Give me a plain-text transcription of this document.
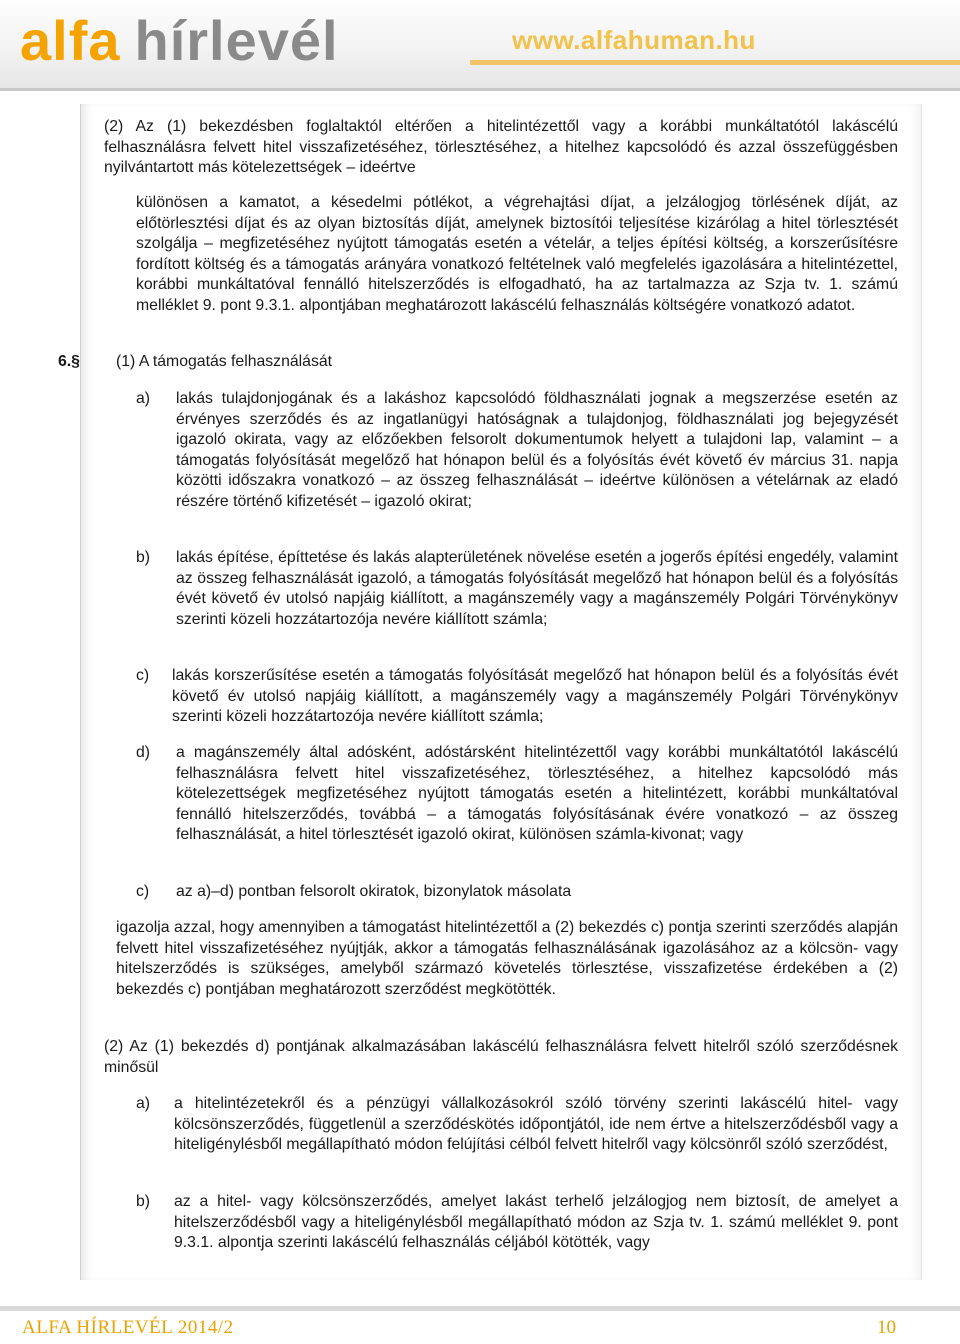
alfa hírlevél	www.alfahuman.hu

(2) Az (1) bekezdésben foglaltaktól eltérően a hitelintézettől vagy a korábbi munkáltatótól lakáscélú felhasználásra felvett hitel visszafizetéséhez, törlesztéséhez, a hitelhez kapcsolódó és azzal összefüggésben nyilvántartott más kötelezettségek – ideértve

különösen a kamatot, a késedelmi pótlékot, a végrehajtási díjat, a jelzálogjog törlésének díját, az előtörlesztési díjat és az olyan biztosítás díját, amelynek biztosítói teljesítése kizárólag a hitel törlesztését szolgálja – megfizetéséhez nyújtott támogatás esetén a vételár, a teljes építési költség, a korszerűsítésre fordított költség és a támogatás arányára vonatkozó feltételnek való megfelelés igazolására a hitelintézettel, korábbi munkáltatóval fennálló hitelszerződés is elfogadható, ha az tartalmazza az Szja tv. 1. számú melléklet 9. pont 9.3.1. alpontjában meghatározott lakáscélú felhasználás költségére vonatkozó adatot.

6.§ (1) A támogatás felhasználását

a) lakás tulajdonjogának és a lakáshoz kapcsolódó földhasználati jognak a megszerzése esetén az érvényes szerződés és az ingatlanügyi hatóságnak a tulajdonjog, földhasználati jog bejegyzését igazoló okirata, vagy az előzőekben felsorolt dokumentumok helyett a tulajdoni lap, valamint – a támogatás folyósítását megelőző hat hónapon belül és a folyósítás évét követő év március 31. napja közötti időszakra vonatkozó – az összeg felhasználását – ideértve különösen a vételárnak az eladó részére történő kifizetését – igazoló okirat;

b) lakás építése, építtetése és lakás alapterületének növelése esetén a jogerős építési engedély, valamint az összeg felhasználását igazoló, a támogatás folyósítását megelőző hat hónapon belül és a folyósítás évét követő év utolsó napjáig kiállított, a magánszemély vagy a magánszemély Polgári Törvénykönyv szerinti közeli hozzátartozója nevére kiállított számla;

c) lakás korszerűsítése esetén a támogatás folyósítását megelőző hat hónapon belül és a folyósítás évét követő év utolsó napjáig kiállított, a magánszemély vagy a magánszemély Polgári Törvénykönyv szerinti közeli hozzátartozója nevére kiállított számla;

d) a magánszemély által adósként, adóstársként hitelintézettől vagy korábbi munkáltatótól lakáscélú felhasználásra felvett hitel visszafizetéséhez, törlesztéséhez, a hitelhez kapcsolódó más kötelezettségek megfizetéséhez nyújtott támogatás esetén a hitelintézett, korábbi munkáltatóval fennálló hitelszerződés, továbbá – a támogatás folyósításának évére vonatkozó – az összeg felhasználását, a hitel törlesztését igazoló okirat, különösen számla-kivonat; vagy

c) az a)–d) pontban felsorolt okiratok, bizonylatok másolata

igazolja azzal, hogy amennyiben a támogatást hitelintézettől a (2) bekezdés c) pontja szerinti szerződés alapján felvett hitel visszafizetéséhez nyújtják, akkor a támogatás felhasználásának igazolásához az a kölcsön- vagy hitelszerződés is szükséges, amelyből származó követelés törlesztése, visszafizetése érdekében a (2) bekezdés c) pontjában meghatározott szerződést megkötötték.

(2) Az (1) bekezdés d) pontjának alkalmazásában lakáscélú felhasználásra felvett hitelről szóló szerződésnek minősül

a) a hitelintézetekről és a pénzügyi vállalkozásokról szóló törvény szerinti lakáscélú hitel- vagy kölcsönszerződés, függetlenül a szerződéskötés időpontjától, ide nem értve a hitelszerződésből vagy a hiteligénylésből megállapítható módon felújítási célból felvett hitelről vagy kölcsönről szóló szerződést,

b) az a hitel- vagy kölcsönszerződés, amelyet lakást terhelő jelzálogjog nem biztosít, de amelyet a hitelszerződésből vagy a hiteligénylésből megállapítható módon az Szja tv. 1. számú melléklet 9. pont 9.3.1. alpontja szerinti lakáscélú felhasználás céljából kötötték, vagy

ALFA HÍRLEVÉL 2014/2	10
